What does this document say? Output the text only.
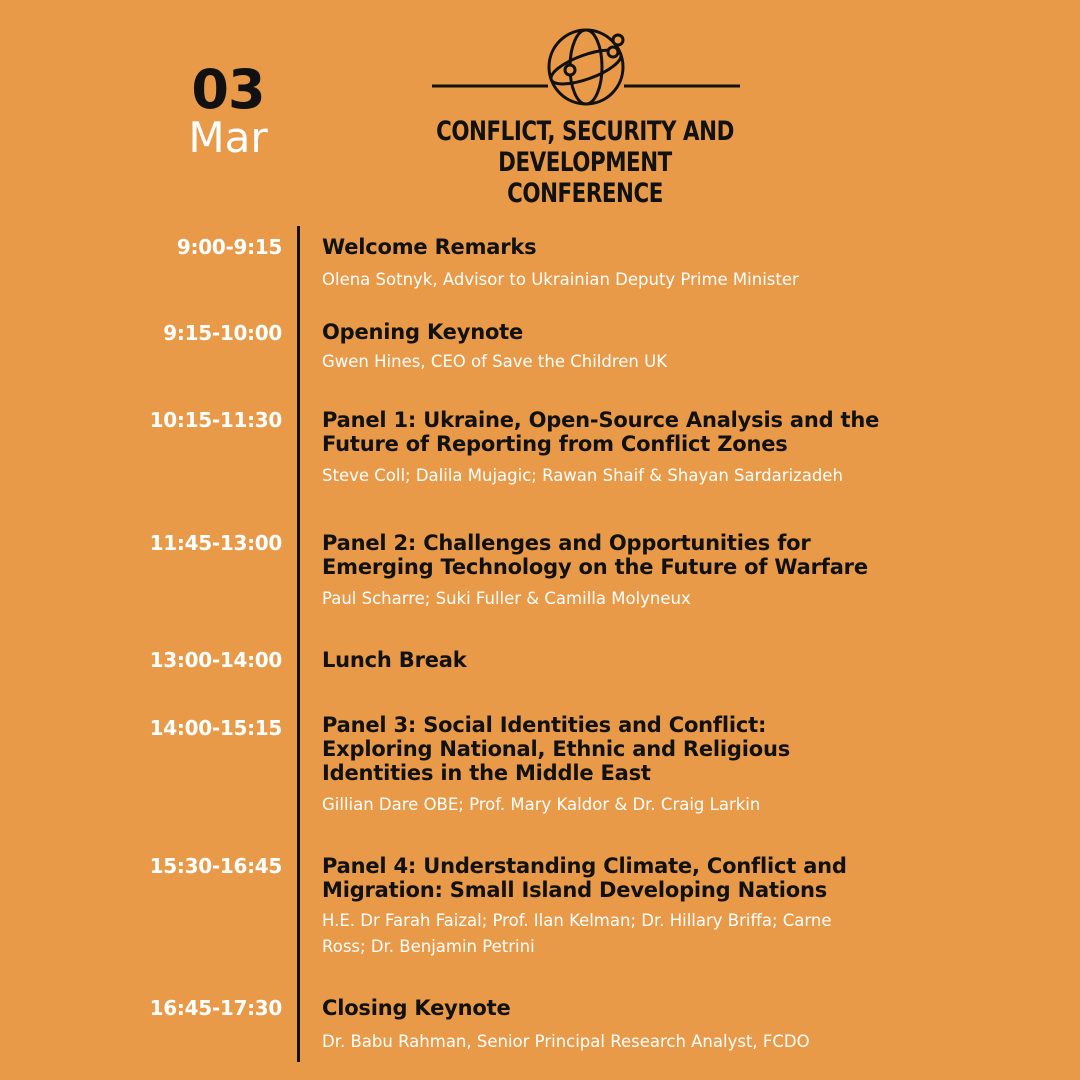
03
Mar	CONFLICT, SECURITY AND DEVELOPMENT
CONFERENCE
9:00-9:15 Welcome Remarks
Olena Sotnyk, Advisor to Ukrainian Deputy Prime Minister
9:15-10:00 Opening Keynote
Gwen Hines, CEO of Save the Children UK
10:15-11:30 Panel 1: Ukraine, Open-Source Analysis and the
Future of Reporting from Conflict Zones
Steve Coll; Dalila Mujagic; Rawan Shaif & Shayan Sardarizadeh
11:45-13:00 Panel 2: Challenges and Opportunities for
Emerging Technology on the Future of Warfare
Paul Scharre; Suki Fuller & Camilla Molyneux
13:00-14:00 Lunch Break
14:00-15:15 Panel 3: Social Identities and Conflict:
Exploring National, Ethnic and Religious
Identities in the Middle East
Gillian Dare OBE; Prof. Mary Kaldor & Dr. Craig Larkin
15:30-16:45 Panel 4: Understanding Climate, Conflict and
Migration: Small Island Developing Nations
H.E. Dr Farah Faizal; Prof. Ilan Kelman; Dr. Hillary Briffa; Carne
Ross; Dr. Benjamin Petrini
16:45-17:30 Closing Keynote
Dr. Babu Rahman, Senior Principal Research Analyst, FCDO
